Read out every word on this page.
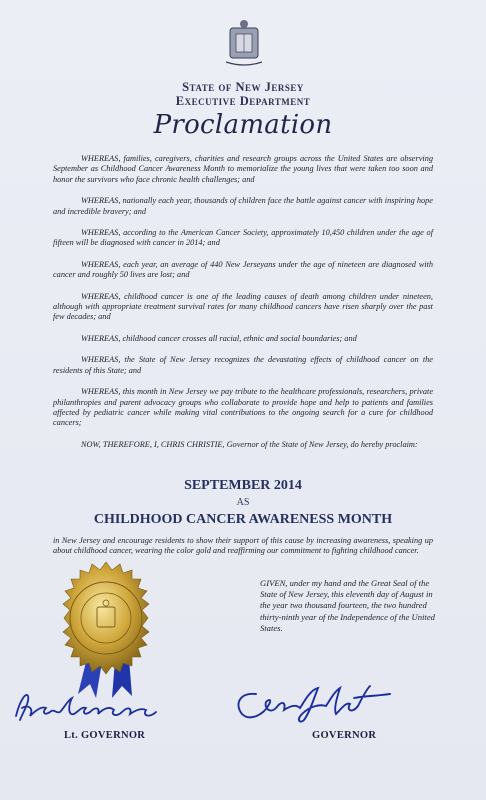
State of New Jersey
Executive Department
Proclamation

WHEREAS, families, caregivers, charities and research groups across the United States are observing September as Childhood Cancer Awareness Month to memorialize the young lives that were taken too soon and honor the survivors who face chronic health challenges; and

WHEREAS, nationally each year, thousands of children face the battle against cancer with inspiring hope and incredible bravery; and

WHEREAS, according to the American Cancer Society, approximately 10,450 children under the age of fifteen will be diagnosed with cancer in 2014; and

WHEREAS, each year, an average of 440 New Jerseyans under the age of nineteen are diagnosed with cancer and roughly 50 lives are lost; and

WHEREAS, childhood cancer is one of the leading causes of death among children under nineteen, although with appropriate treatment survival rates for many childhood cancers have risen sharply over the past few decades; and

WHEREAS, childhood cancer crosses all racial, ethnic and social boundaries; and

WHEREAS, the State of New Jersey recognizes the devastating effects of childhood cancer on the residents of this State; and

WHEREAS, this month in New Jersey we pay tribute to the healthcare professionals, researchers, private philanthropies and parent advocacy groups who collaborate to provide hope and help to patients and families affected by pediatric cancer while making vital contributions to the ongoing search for a cure for childhood cancers;

NOW, THEREFORE, I, CHRIS CHRISTIE, Governor of the State of New Jersey, do hereby proclaim:

SEPTEMBER 2014
AS
CHILDHOOD CANCER AWARENESS MONTH
in New Jersey and encourage residents to show their support of this cause by increasing awareness, speaking up about childhood cancer, wearing the color gold and reaffirming our commitment to fighting childhood cancer.
GIVEN, under my hand and the Great Seal of the State of New Jersey, this eleventh day of August in the year two thousand fourteen, the two hundred thirty-ninth year of the Independence of the United States.
Lt. GOVERNOR	GOVERNOR
